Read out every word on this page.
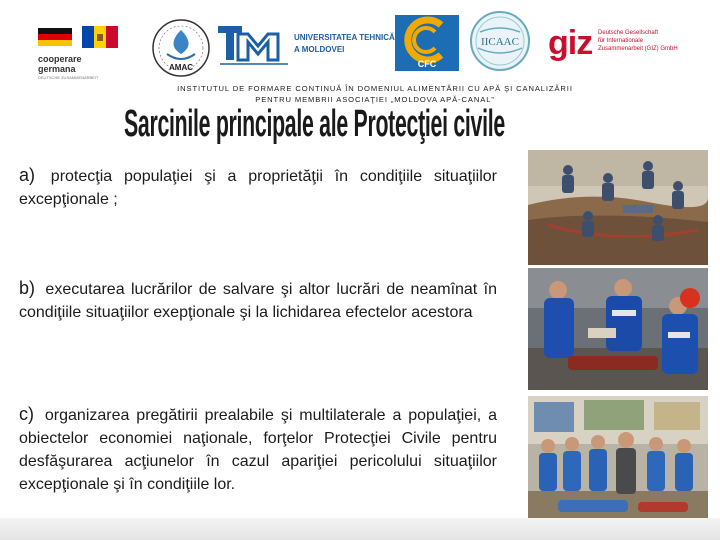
cooperare
germana
DEUTSCHE ZUSAMMENARBEIT
AMAC
UNIVERSITATEA TEHNICĂ
A MOLDOVEI
CFC
IICAAC giz Deutsche Gesellschaft
für Internationale
Zusammenarbeit (GIZ) GmbH
INSTITUTUL DE FORMARE CONTINUĂ ÎN DOMENIUL ALIMENTĂRII CU APĂ ŞI CANALIZĂRII
PENTRU MEMBRII ASOCIAŢIEI „MOLDOVA APĂ-CANAL”
Sarcinile principale ale Protecţiei civile
a) protecţia populaţiei şi a proprietăţii în condiţiile situaţiilor excepţionale ;
b) executarea lucrărilor de salvare şi altor lucrări de neamînat în condiţiile situaţiilor exepţionale şi la lichidarea efectelor acestora
c) organizarea pregătirii prealabile şi multilaterale a populaţiei, a obiectelor economiei naţionale, forţelor Protecţiei Civile pentru desfăşurarea acţiunelor în cazul apariţiei pericolului situaţiilor excepţionale şi în condiţiile lor.
